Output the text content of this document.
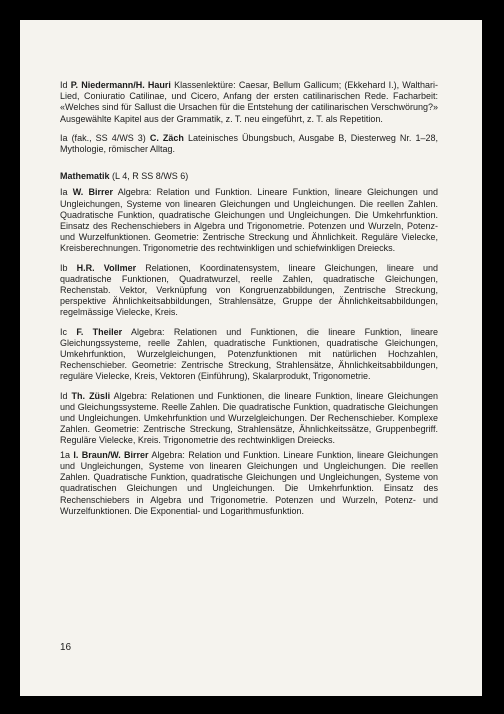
Id P. Niedermann/H. Hauri Klassenlektüre: Caesar, Bellum Gallicum; (Ekkehard I.), Walthari-Lied, Coniuratio Catilinae, und Cicero, Anfang der ersten catilinarischen Rede. Facharbeit: «Welches sind für Sallust die Ursachen für die Entstehung der catilinarischen Verschwörung?» Ausgewählte Kapitel aus der Grammatik, z. T. neu eingeführt, z. T. als Repetition.

Ia (fak., SS 4/WS 3) C. Zäch Lateinisches Übungsbuch, Ausgabe B, Diesterweg Nr. 1–28, Mythologie, römischer Alltag.

Mathematik (L 4, R SS 8/WS 6)

Ia W. Birrer Algebra: Relation und Funktion. Lineare Funktion, lineare Gleichungen und Ungleichungen, Systeme von linearen Gleichungen und Ungleichungen. Die reellen Zahlen. Quadratische Funktion, quadratische Gleichungen und Ungleichungen. Die Umkehrfunktion. Einsatz des Rechenschiebers in Algebra und Trigonometrie. Potenzen und Wurzeln, Potenz- und Wurzelfunktionen. Geometrie: Zentrische Streckung und Ähnlichkeit. Reguläre Vielecke, Kreisberechnungen. Trigonometrie des rechtwinkligen und schiefwinkligen Dreiecks.

Ib H.R. Vollmer Relationen, Koordinatensystem, lineare Gleichungen, lineare und quadratische Funktionen, Quadratwurzel, reelle Zahlen, quadratische Gleichungen, Rechenstab. Vektor, Verknüpfung von Kongruenzabbildungen, Zentrische Streckung, perspektive Ähnlichkeitsabbildungen, Strahlensätze, Gruppe der Ähnlichkeitsabbildungen, regelmässige Vielecke, Kreis.

Ic F. Theiler Algebra: Relationen und Funktionen, die lineare Funktion, lineare Gleichungssysteme, reelle Zahlen, quadratische Funktionen, quadratische Gleichungen, Umkehrfunktion, Wurzelgleichungen, Potenzfunktionen mit natürlichen Hochzahlen, Rechenschieber. Geometrie: Zentrische Streckung, Strahlensätze, Ähnlichkeitsabbildungen, reguläre Vielecke, Kreis, Vektoren (Einführung), Skalarprodukt, Trigonometrie.

Id Th. Züsli Algebra: Relationen und Funktionen, die lineare Funktion, lineare Gleichungen und Gleichungssysteme. Reelle Zahlen. Die quadratische Funktion, quadratische Gleichungen und Ungleichungen. Umkehrfunktion und Wurzelgleichungen. Der Rechenschieber. Komplexe Zahlen. Geometrie: Zentrische Streckung, Strahlensätze, Ähnlichkeitssätze, Gruppenbegriff. Reguläre Vielecke, Kreis. Trigonometrie des rechtwinkligen Dreiecks.

1a I. Braun/W. Birrer Algebra: Relation und Funktion. Lineare Funktion, lineare Gleichungen und Ungleichungen, Systeme von linearen Gleichungen und Ungleichungen. Die reellen Zahlen. Quadratische Funktion, quadratische Gleichungen und Ungleichungen, Systeme von quadratischen Gleichungen und Ungleichungen. Die Umkehrfunktion. Einsatz des Rechenschiebers in Algebra und Trigonometrie. Potenzen und Wurzeln, Potenz- und Wurzelfunktionen. Die Exponential- und Logarithmusfunktion.

16
